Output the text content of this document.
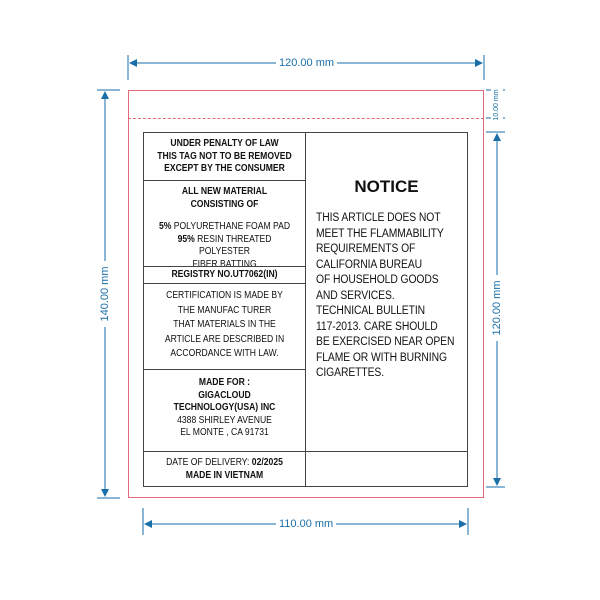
120.00 mm
140.00 mm
10.00 mm
120.00 mm
110.00 mm
UNDER PENALTY OF LAW
THIS TAG NOT TO BE REMOVED
EXCEPT BY THE CONSUMER
ALL NEW MATERIAL
CONSISTING OF
5% POLYURETHANE FOAM PAD
95% RESIN THREATED POLYESTER
FIBER BATTING
REGISTRY NO.UT7062(IN)
CERTIFICATION IS MADE BY
THE MANUFAC TURER
THAT MATERIALS IN THE
ARTICLE ARE DESCRIBED IN
ACCORDANCE WITH LAW.
MADE FOR :
GIGACLOUD
TECHNOLOGY(USA) INC
4388 SHIRLEY AVENUE
EL MONTE , CA 91731
DATE OF DELIVERY: 02/2025
MADE IN VIETNAM
NOTICE
THIS ARTICLE DOES NOT
MEET THE FLAMMABILITY
REQUIREMENTS OF
CALIFORNIA BUREAU
OF HOUSEHOLD GOODS
AND SERVICES.
TECHNICAL BULLETIN
117-2013. CARE SHOULD
BE EXERCISED NEAR OPEN
FLAME OR WITH BURNING
CIGARETTES.
